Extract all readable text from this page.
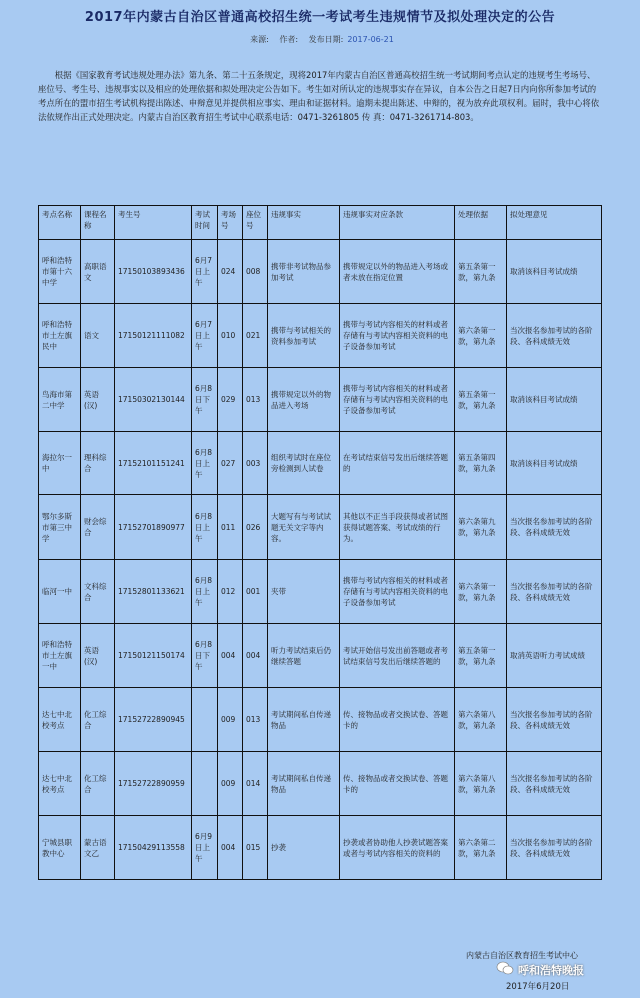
2017年内蒙古自治区普通高校招生统一考试考生违规情节及拟处理决定的公告
来源: 作者: 发布日期: 2017-06-21
根据《国家教育考试违规处理办法》第九条、第二十五条规定，现将2017年内蒙古自治区普通高校招生统一考试期间考点认定的违规考生考场号、座位号、考生号、违规事实以及相应的处理依据和拟处理决定公告如下。考生如对所认定的违规事实存在异议，自本公告之日起7日内向你所参加考试的考点所在的盟市招生考试机构提出陈述、申辩意见并提供相应事实、理由和证据材料。逾期未提出陈述、申辩的，视为放弃此项权利。届时，我中心将依法依规作出正式处理决定。内蒙古自治区教育招生考试中心联系电话：0471-3261805 传 真：0471-3261714-803。
考点名称	课程名称	考生号	考试时间	考场号	座位号	违规事实	违规事实对应条款	处理依据	拟处理意见
呼和浩特市第十六中学	高职语文	17150103893436	6月7日上午	024	008	携带非考试物品参加考试	携带规定以外的物品进入考场或者未放在指定位置	第五条第一款，第九条	取消该科目考试成绩
呼和浩特市土左旗民中	语文	17150121111082	6月7日上午	010	021	携带与考试相关的资料参加考试	携带与考试内容相关的材料或者存储有与考试内容相关资料的电子设备参加考试	第六条第一款，第九条	当次报名参加考试的各阶段、各科成绩无效
鸟海市第二中学	英语(汉)	17150302130144	6月8日下午	029	013	携带规定以外的物品进入考场	携带与考试内容相关的材料或者存储有与考试内容相关资料的电子设备参加考试	第五条第一款，第九条	取消该科目考试成绩
海拉尔一中	理科综合	17152101151241	6月8日上午	027	003	组织考试时在座位旁检测到人试卷	在考试结束信号发出后继续答题的	第五条第四款，第九条	取消该科目考试成绩
鄂尔多斯市第三中学	财会综合	17152701890977	6月8日上午	011	026	大题写有与考试试题无关文字等内容。	其他以不正当手段获得或者试图获得试题答案、考试成绩的行为。	第六条第九款，第九条	当次报名参加考试的各阶段、各科成绩无效
临河一中	文科综合	17152801133621	6月8日上午	012	001	夹带	携带与考试内容相关的材料或者存储有与考试内容相关资料的电子设备参加考试	第六条第一款，第九条	当次报名参加考试的各阶段、各科成绩无效
呼和浩特市土左旗一中	英语(汉)	17150121150174	6月8日下午	004	004	听力考试结束后仍继续答题	考试开始信号发出前答题或者考试结束信号发出后继续答题的	第五条第一款，第九条	取消英语听力考试成绩
达七中北校考点	化工综合	17152722890945		009	013	考试期间私自传递物品	传、接物品或者交换试卷、答题卡的	第六条第八款，第九条	当次报名参加考试的各阶段、各科成绩无效
达七中北校考点	化工综合	17152722890959		009	014	考试期间私自传递物品	传、接物品或者交换试卷、答题卡的	第六条第八款，第九条	当次报名参加考试的各阶段、各科成绩无效
宁城县职教中心	蒙古语文乙	17150429113558	6月9日上午	004	015	抄袭	抄袭或者协助他人抄袭试题答案或者与考试内容相关的资料的	第六条第二款，第九条	当次报名参加考试的各阶段、各科成绩无效
内蒙古自治区教育招生考试中心
呼和浩特晚报
2017年6月20日
